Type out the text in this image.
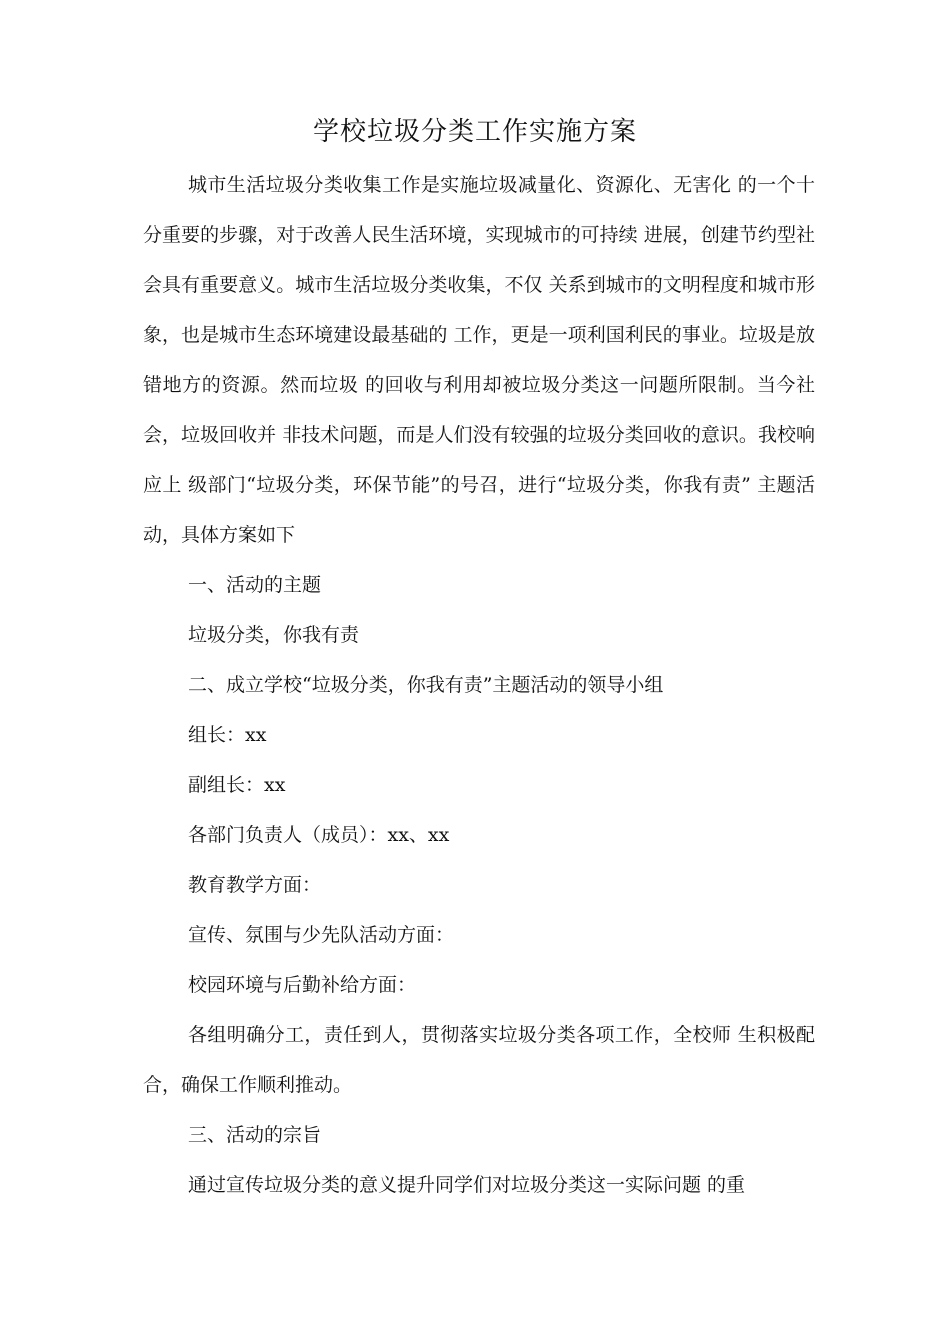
学校垃圾分类工作实施方案

城市生活垃圾分类收集工作是实施垃圾减量化、资源化、无害化 的一个十分重要的步骤，对于改善人民生活环境，实现城市的可持续 进展，创建节约型社会具有重要意义。城市生活垃圾分类收集，不仅 关系到城市的文明程度和城市形象，也是城市生态环境建设最基础的 工作，更是一项利国利民的事业。垃圾是放错地方的资源。然而垃圾 的回收与利用却被垃圾分类这一问题所限制。当今社会，垃圾回收并 非技术问题，而是人们没有较强的垃圾分类回收的意识。我校响应上 级部门“垃圾分类，环保节能”的号召，进行“垃圾分类，你我有责” 主题活动，具体方案如下

一、活动的主题

垃圾分类，你我有责

二、成立学校“垃圾分类，你我有责”主题活动的领导小组

组长：xx

副组长：xx

各部门负责人（成员）：xx、xx

教育教学方面：

宣传、氛围与少先队活动方面：

校园环境与后勤补给方面：

各组明确分工，责任到人，贯彻落实垃圾分类各项工作，全校师 生积极配合，确保工作顺利推动。

三、活动的宗旨

通过宣传垃圾分类的意义提升同学们对垃圾分类这一实际问题 的重
